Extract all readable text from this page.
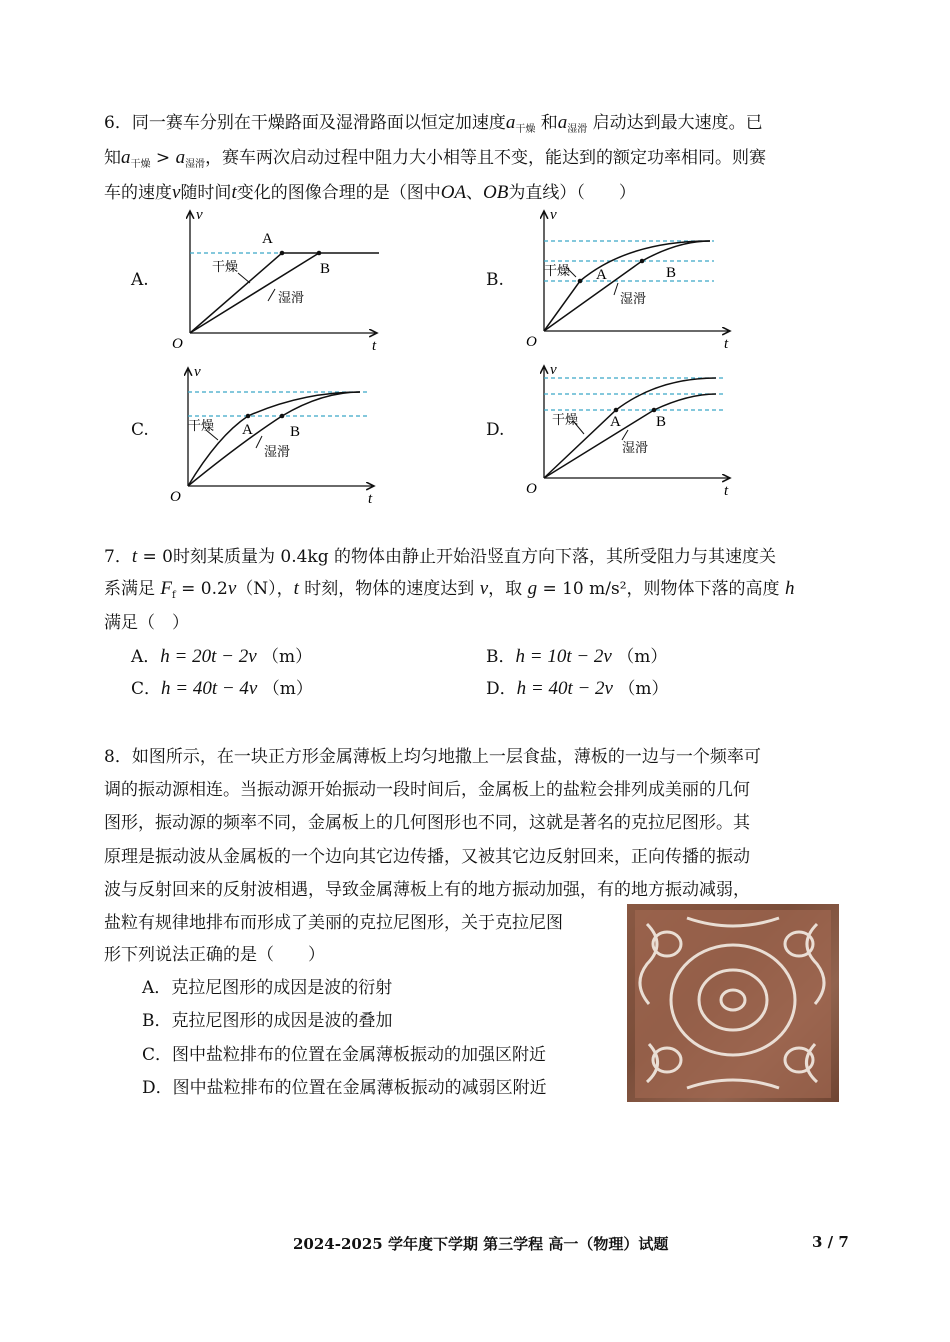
6．同一赛车分别在干燥路面及湿滑路面以恒定加速度$a_{干燥}$ 和$a_{湿滑}$ 启动达到最大速度。已

知$a_{干燥} > a_{湿滑}$，赛车两次启动过程中阻力大小相等且不变，能达到的额定功率相同。则赛

车的速度v随时间t变化的图像合理的是（图中OA、OB为直线）（　　）

A.	B.
C.	D.
v
t
O
A
B
干燥
湿滑
v
t
O
A	B
干燥
湿滑
v
t
O
A B
干燥
湿滑
v
t
O
A B
干燥
湿滑

7．t = 0时刻某质量为 0.4kg 的物体由静止开始沿竖直方向下落，其所受阻力与其速度关

系满足 $F_f = 0.2v(N)$，t 时刻，物体的速度达到 v，取 g = 10 m/s²，则物体下落的高度 h

满足（　）

A．h = 20t − 2v （m）	B．h = 10t − 2v （m）
C．h = 40t − 4v （m）	D．h = 40t − 2v （m）

8．如图所示，在一块正方形金属薄板上均匀地撒上一层食盐，薄板的一边与一个频率可

调的振动源相连。当振动源开始振动一段时间后，金属板上的盐粒会排列成美丽的几何

图形，振动源的频率不同，金属板上的几何图形也不同，这就是著名的克拉尼图形。其

原理是振动波从金属板的一个边向其它边传播，又被其它边反射回来，正向传播的振动

波与反射回来的反射波相遇，导致金属薄板上有的地方振动加强，有的地方振动减弱，

盐粒有规律地排布而形成了美丽的克拉尼图形，关于克拉尼图

形下列说法正确的是（　　）

A．克拉尼图形的成因是波的衍射
B．克拉尼图形的成因是波的叠加
C．图中盐粒排布的位置在金属薄板振动的加强区附近
D．图中盐粒排布的位置在金属薄板振动的减弱区附近
2024-2025 学年度下学期 第三学程 高一（物理）试题	3 / 7
